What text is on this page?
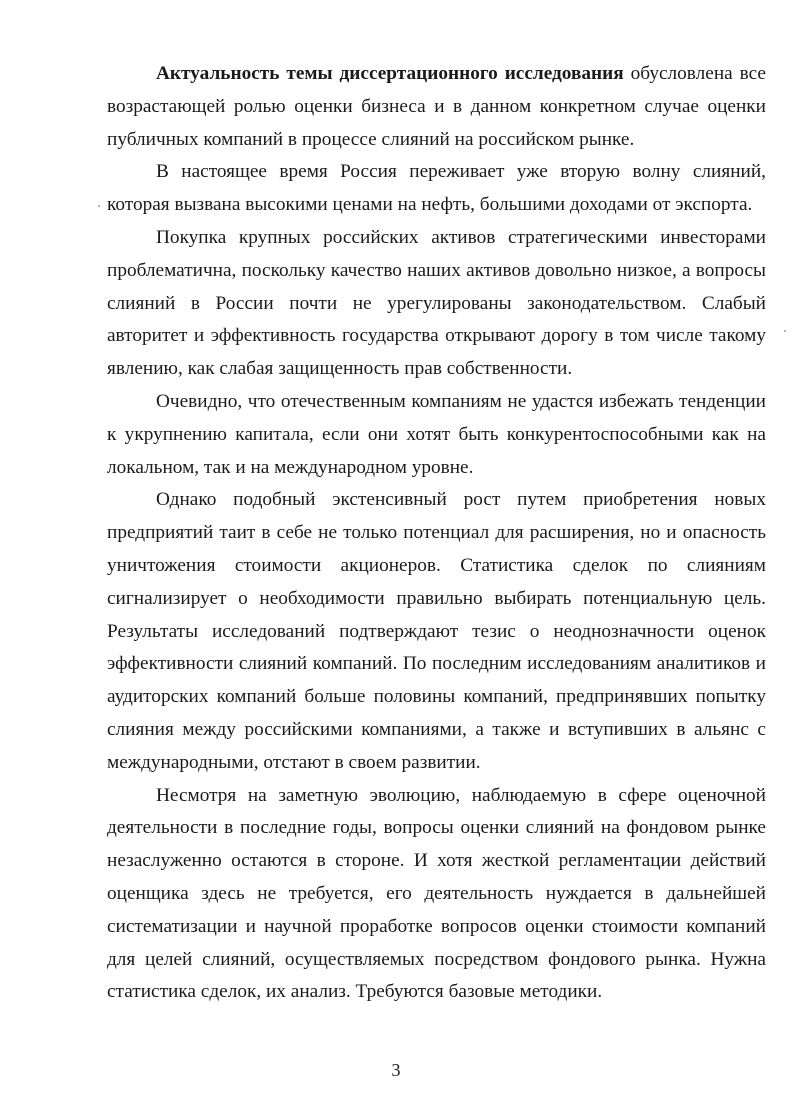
Актуальность темы диссертационного исследования обусловлена все возрастающей ролью оценки бизнеса и в данном конкретном случае оценки публичных компаний в процессе слияний на российском рынке.

В настоящее время Россия переживает уже вторую волну слияний, которая вызвана высокими ценами на нефть, большими доходами от экспорта.

Покупка крупных российских активов стратегическими инвесторами проблематична, поскольку качество наших активов довольно низкое, а вопросы слияний в России почти не урегулированы законодательством. Слабый авторитет и эффективность государства открывают дорогу в том числе такому явлению, как слабая защищенность прав собственности.

Очевидно, что отечественным компаниям не удастся избежать тенденции к укрупнению капитала, если они хотят быть конкурентоспособными как на локальном, так и на международном уровне.

Однако подобный экстенсивный рост путем приобретения новых предприятий таит в себе не только потенциал для расширения, но и опасность уничтожения стоимости акционеров. Статистика сделок по слияниям сигнализирует о необходимости правильно выбирать потенциальную цель. Результаты исследований подтверждают тезис о неоднозначности оценок эффективности слияний компаний. По последним исследованиям аналитиков и аудиторских компаний больше половины компаний, предпринявших попытку слияния между российскими компаниями, а также и вступивших в альянс с международными, отстают в своем развитии.

Несмотря на заметную эволюцию, наблюдаемую в сфере оценочной деятельности в последние годы, вопросы оценки слияний на фондовом рынке незаслуженно остаются в стороне. И хотя жесткой регламентации действий оценщика здесь не требуется, его деятельность нуждается в дальнейшей систематизации и научной проработке вопросов оценки стоимости компаний для целей слияний, осуществляемых посредством фондового рынка. Нужна статистика сделок, их анализ. Требуются базовые методики.

3
